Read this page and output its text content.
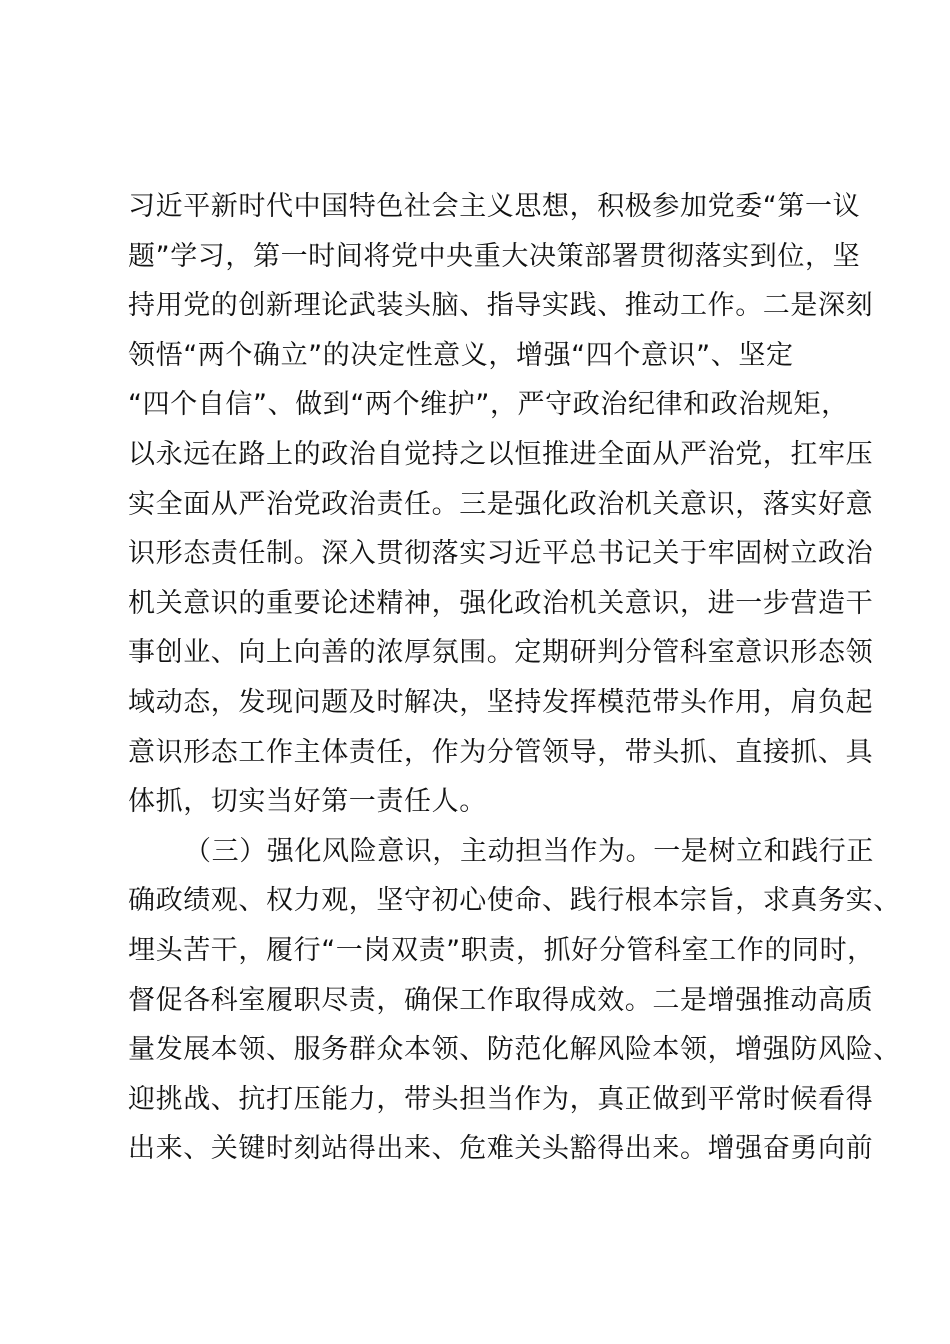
习近平新时代中国特色社会主义思想，积极参加党委“第一议
题”学习，第一时间将党中央重大决策部署贯彻落实到位，坚
持用党的创新理论武装头脑、指导实践、推动工作。二是深刻
领悟“两个确立”的决定性意义，增强“四个意识”、坚定
“四个自信”、做到“两个维护”，严守政治纪律和政治规矩，
以永远在路上的政治自觉持之以恒推进全面从严治党，扛牢压
实全面从严治党政治责任。三是强化政治机关意识，落实好意
识形态责任制。深入贯彻落实习近平总书记关于牢固树立政治
机关意识的重要论述精神，强化政治机关意识，进一步营造干
事创业、向上向善的浓厚氛围。定期研判分管科室意识形态领
域动态，发现问题及时解决，坚持发挥模范带头作用，肩负起
意识形态工作主体责任，作为分管领导，带头抓、直接抓、具
体抓，切实当好第一责任人。
（三）强化风险意识，主动担当作为。一是树立和践行正
确政绩观、权力观，坚守初心使命、践行根本宗旨，求真务实、
埋头苦干，履行“一岗双责”职责，抓好分管科室工作的同时，
督促各科室履职尽责，确保工作取得成效。二是增强推动高质
量发展本领、服务群众本领、防范化解风险本领，增强防风险、
迎挑战、抗打压能力，带头担当作为，真正做到平常时候看得
出来、关键时刻站得出来、危难关头豁得出来。增强奋勇向前
